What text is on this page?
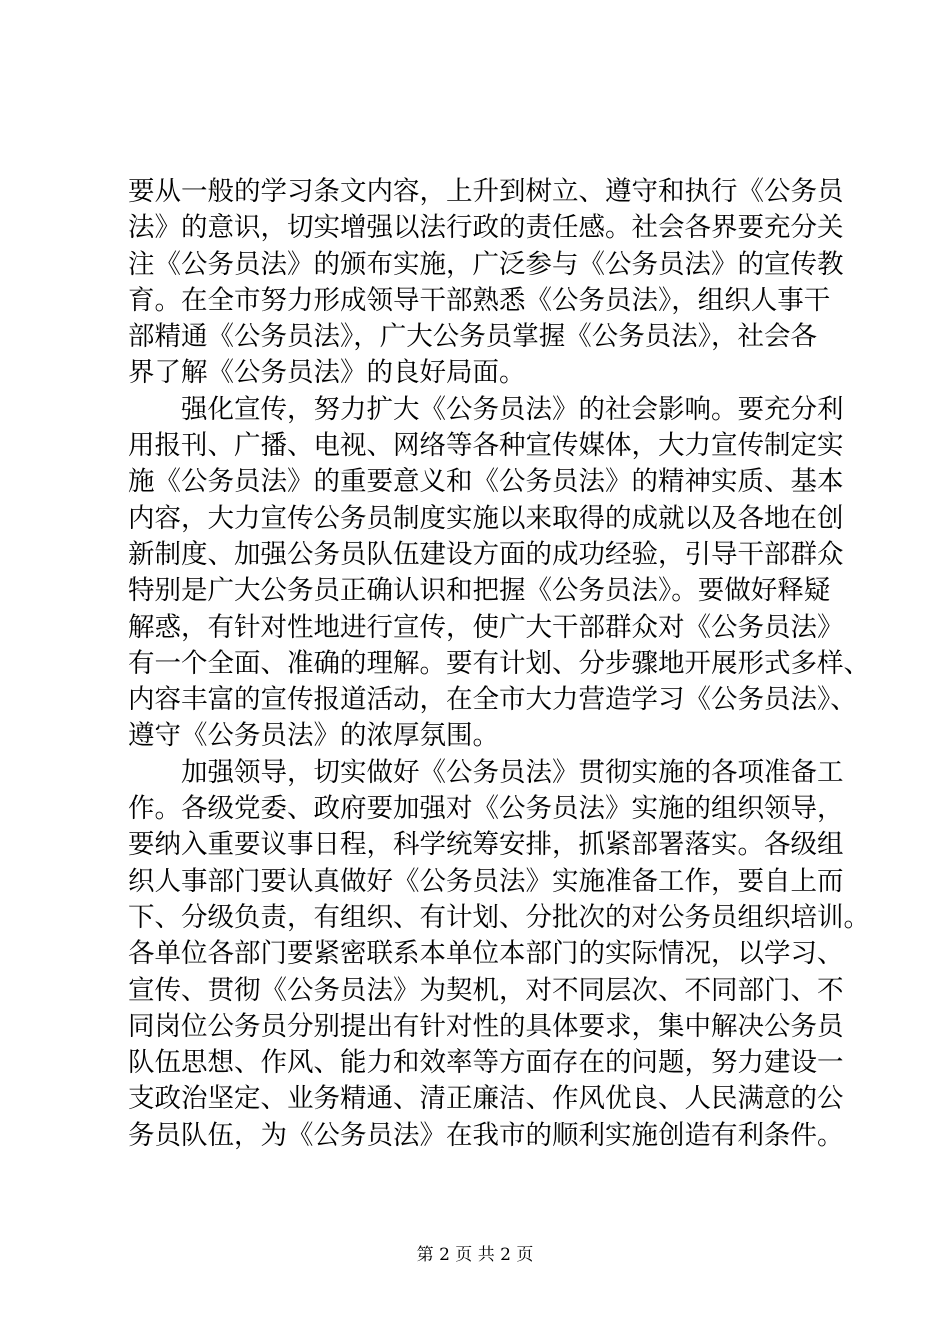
要从一般的学习条文内容，上升到树立、遵守和执行《公务员
法》的意识，切实增强以法行政的责任感。社会各界要充分关
注《公务员法》的颁布实施，广泛参与《公务员法》的宣传教
育。在全市努力形成领导干部熟悉《公务员法》，组织人事干
部精通《公务员法》，广大公务员掌握《公务员法》，社会各
界了解《公务员法》的良好局面。
　　强化宣传，努力扩大《公务员法》的社会影响。要充分利
用报刊、广播、电视、网络等各种宣传媒体，大力宣传制定实
施《公务员法》的重要意义和《公务员法》的精神实质、基本
内容，大力宣传公务员制度实施以来取得的成就以及各地在创
新制度、加强公务员队伍建设方面的成功经验，引导干部群众
特别是广大公务员正确认识和把握《公务员法》。要做好释疑
解惑，有针对性地进行宣传，使广大干部群众对《公务员法》
有一个全面、准确的理解。要有计划、分步骤地开展形式多样、
内容丰富的宣传报道活动，在全市大力营造学习《公务员法》、
遵守《公务员法》的浓厚氛围。
　　加强领导，切实做好《公务员法》贯彻实施的各项准备工
作。各级党委、政府要加强对《公务员法》实施的组织领导，
要纳入重要议事日程，科学统筹安排，抓紧部署落实。各级组
织人事部门要认真做好《公务员法》实施准备工作，要自上而
下、分级负责，有组织、有计划、分批次的对公务员组织培训。
各单位各部门要紧密联系本单位本部门的实际情况，以学习、
宣传、贯彻《公务员法》为契机，对不同层次、不同部门、不
同岗位公务员分别提出有针对性的具体要求，集中解决公务员
队伍思想、作风、能力和效率等方面存在的问题，努力建设一
支政治坚定、业务精通、清正廉洁、作风优良、人民满意的公
务员队伍，为《公务员法》在我市的顺利实施创造有利条件。
第 2 页 共 2 页
